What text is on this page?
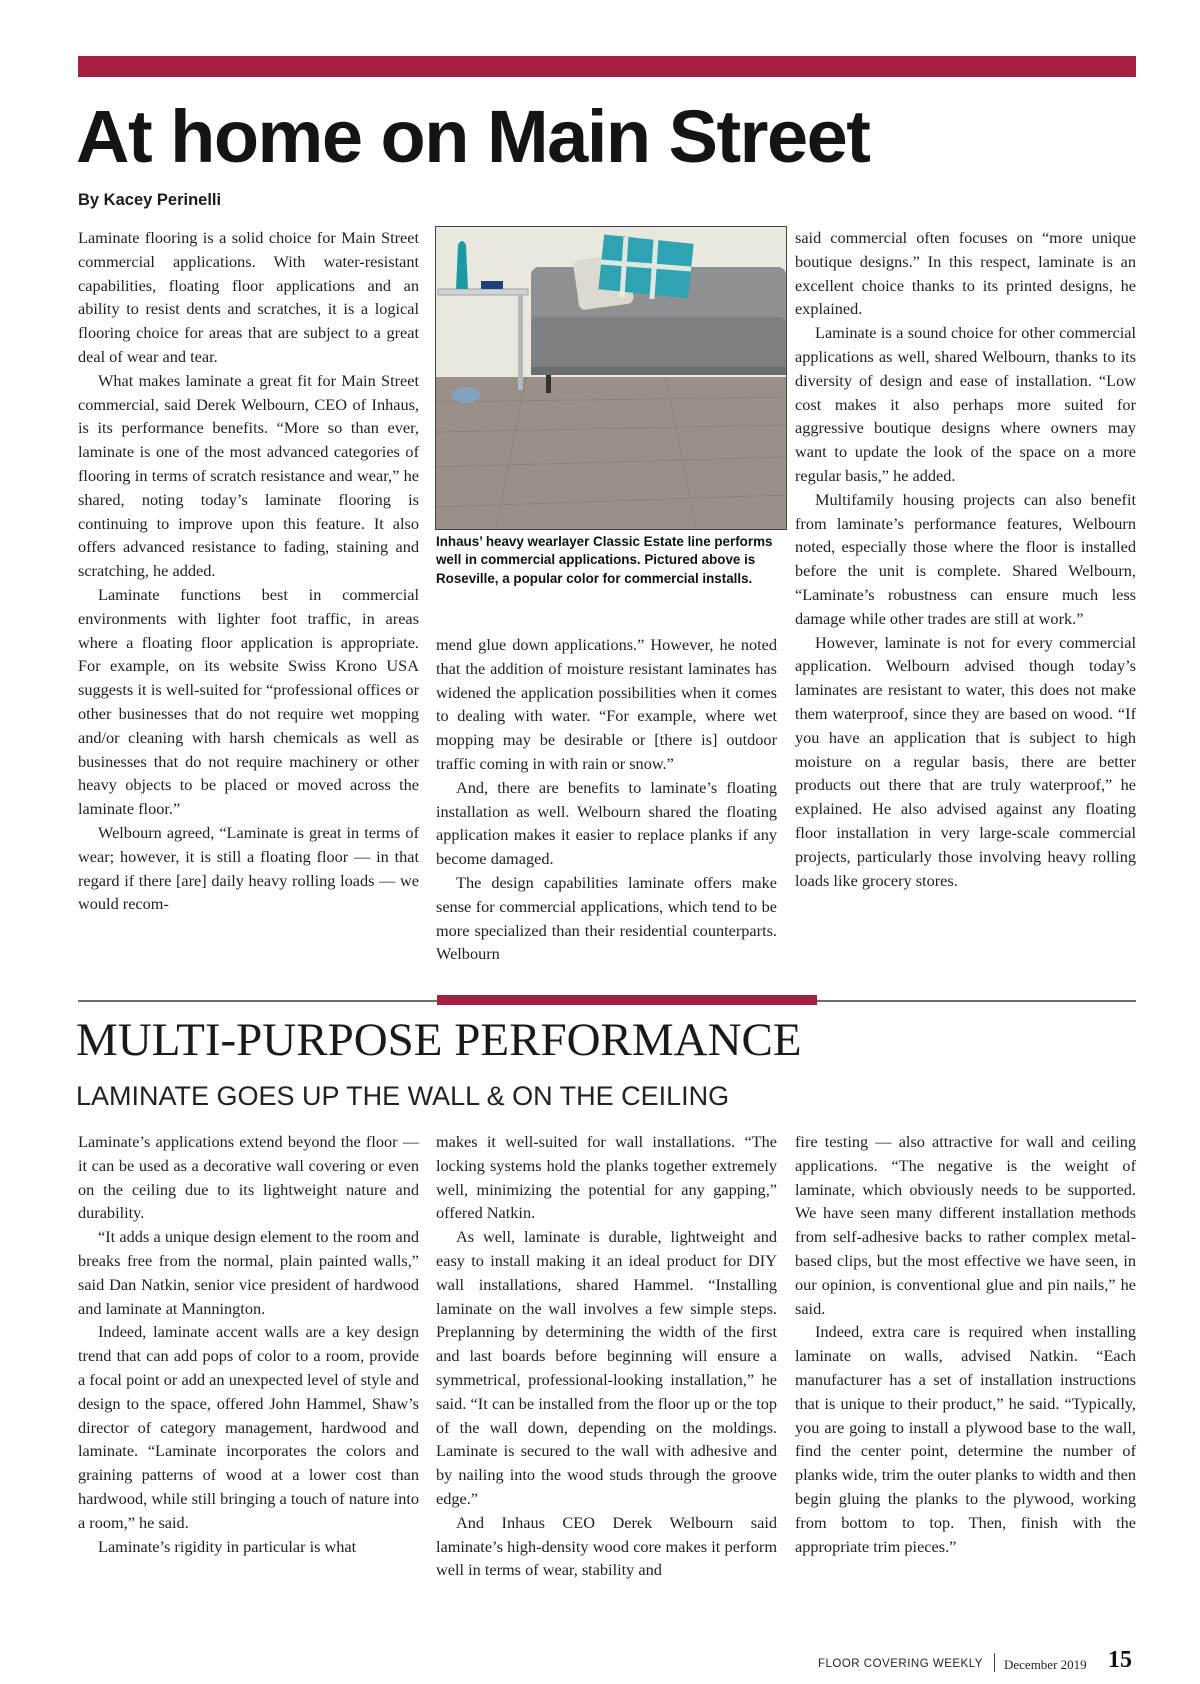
At home on Main Street
By Kacey Perinelli

Laminate flooring is a solid choice for Main Street commercial applications. With water-resistant capabilities, floating floor applications and an ability to resist dents and scratches, it is a logical flooring choice for areas that are subject to a great deal of wear and tear.

What makes laminate a great fit for Main Street commercial, said Derek Welbourn, CEO of Inhaus, is its performance benefits. “More so than ever, laminate is one of the most advanced categories of flooring in terms of scratch resistance and wear,” he shared, noting today’s laminate flooring is continuing to improve upon this feature. It also offers advanced resistance to fading, staining and scratching, he added.

Laminate functions best in commercial environments with lighter foot traffic, in areas where a floating floor application is appropriate. For example, on its website Swiss Krono USA suggests it is well-suited for “professional offices or other businesses that do not require wet mopping and/or cleaning with harsh chemicals as well as businesses that do not require machinery or other heavy objects to be placed or moved across the laminate floor.”

Welbourn agreed, “Laminate is great in terms of wear; however, it is still a floating floor — in that regard if there [are] daily heavy rolling loads — we would recom-

Inhaus’ heavy wearlayer Classic Estate line performs well in commercial applications. Pictured above is Roseville, a popular color for commercial installs.

mend glue down applications.” However, he noted that the addition of moisture resistant laminates has widened the application possibilities when it comes to dealing with water. “For example, where wet mopping may be desirable or [there is] outdoor traffic coming in with rain or snow.”

And, there are benefits to laminate’s floating installation as well. Welbourn shared the floating application makes it easier to replace planks if any become damaged.

The design capabilities laminate offers make sense for commercial applications, which tend to be more specialized than their residential counterparts. Welbourn

said commercial often focuses on “more unique boutique designs.” In this respect, laminate is an excellent choice thanks to its printed designs, he explained.

Laminate is a sound choice for other commercial applications as well, shared Welbourn, thanks to its diversity of design and ease of installation. “Low cost makes it also perhaps more suited for aggressive boutique designs where owners may want to update the look of the space on a more regular basis,” he added.

Multifamily housing projects can also benefit from laminate’s performance features, Welbourn noted, especially those where the floor is installed before the unit is complete. Shared Welbourn, “Laminate’s robustness can ensure much less damage while other trades are still at work.”

However, laminate is not for every commercial application. Welbourn advised though today’s laminates are resistant to water, this does not make them waterproof, since they are based on wood. “If you have an application that is subject to high moisture on a regular basis, there are better products out there that are truly waterproof,” he explained. He also advised against any floating floor installation in very large-scale commercial projects, particularly those involving heavy rolling loads like grocery stores.

MULTI-PURPOSE PERFORMANCE
LAMINATE GOES UP THE WALL & ON THE CEILING

Laminate’s applications extend beyond the floor — it can be used as a decorative wall covering or even on the ceiling due to its lightweight nature and durability.

“It adds a unique design element to the room and breaks free from the normal, plain painted walls,” said Dan Natkin, senior vice president of hardwood and laminate at Mannington.

Indeed, laminate accent walls are a key design trend that can add pops of color to a room, provide a focal point or add an unexpected level of style and design to the space, offered John Hammel, Shaw’s director of category management, hardwood and laminate. “Laminate incorporates the colors and graining patterns of wood at a lower cost than hardwood, while still bringing a touch of nature into a room,” he said.

Laminate’s rigidity in particular is what

makes it well-suited for wall installations. “The locking systems hold the planks together extremely well, minimizing the potential for any gapping,” offered Natkin.

As well, laminate is durable, lightweight and easy to install making it an ideal product for DIY wall installations, shared Hammel. “Installing laminate on the wall involves a few simple steps. Preplanning by determining the width of the first and last boards before beginning will ensure a symmetrical, professional-looking installation,” he said. “It can be installed from the floor up or the top of the wall down, depending on the moldings. Laminate is secured to the wall with adhesive and by nailing into the wood studs through the groove edge.”

And Inhaus CEO Derek Welbourn said laminate’s high-density wood core makes it perform well in terms of wear, stability and

fire testing — also attractive for wall and ceiling applications. “The negative is the weight of laminate, which obviously needs to be supported. We have seen many different installation methods from self-adhesive backs to rather complex metal-based clips, but the most effective we have seen, in our opinion, is conventional glue and pin nails,” he said.

Indeed, extra care is required when installing laminate on walls, advised Natkin. “Each manufacturer has a set of installation instructions that is unique to their product,” he said. “Typically, you are going to install a plywood base to the wall, find the center point, determine the number of planks wide, trim the outer planks to width and then begin gluing the planks to the plywood, working from bottom to top. Then, finish with the appropriate trim pieces.”

FLOOR COVERING WEEKLY December 2019 15
